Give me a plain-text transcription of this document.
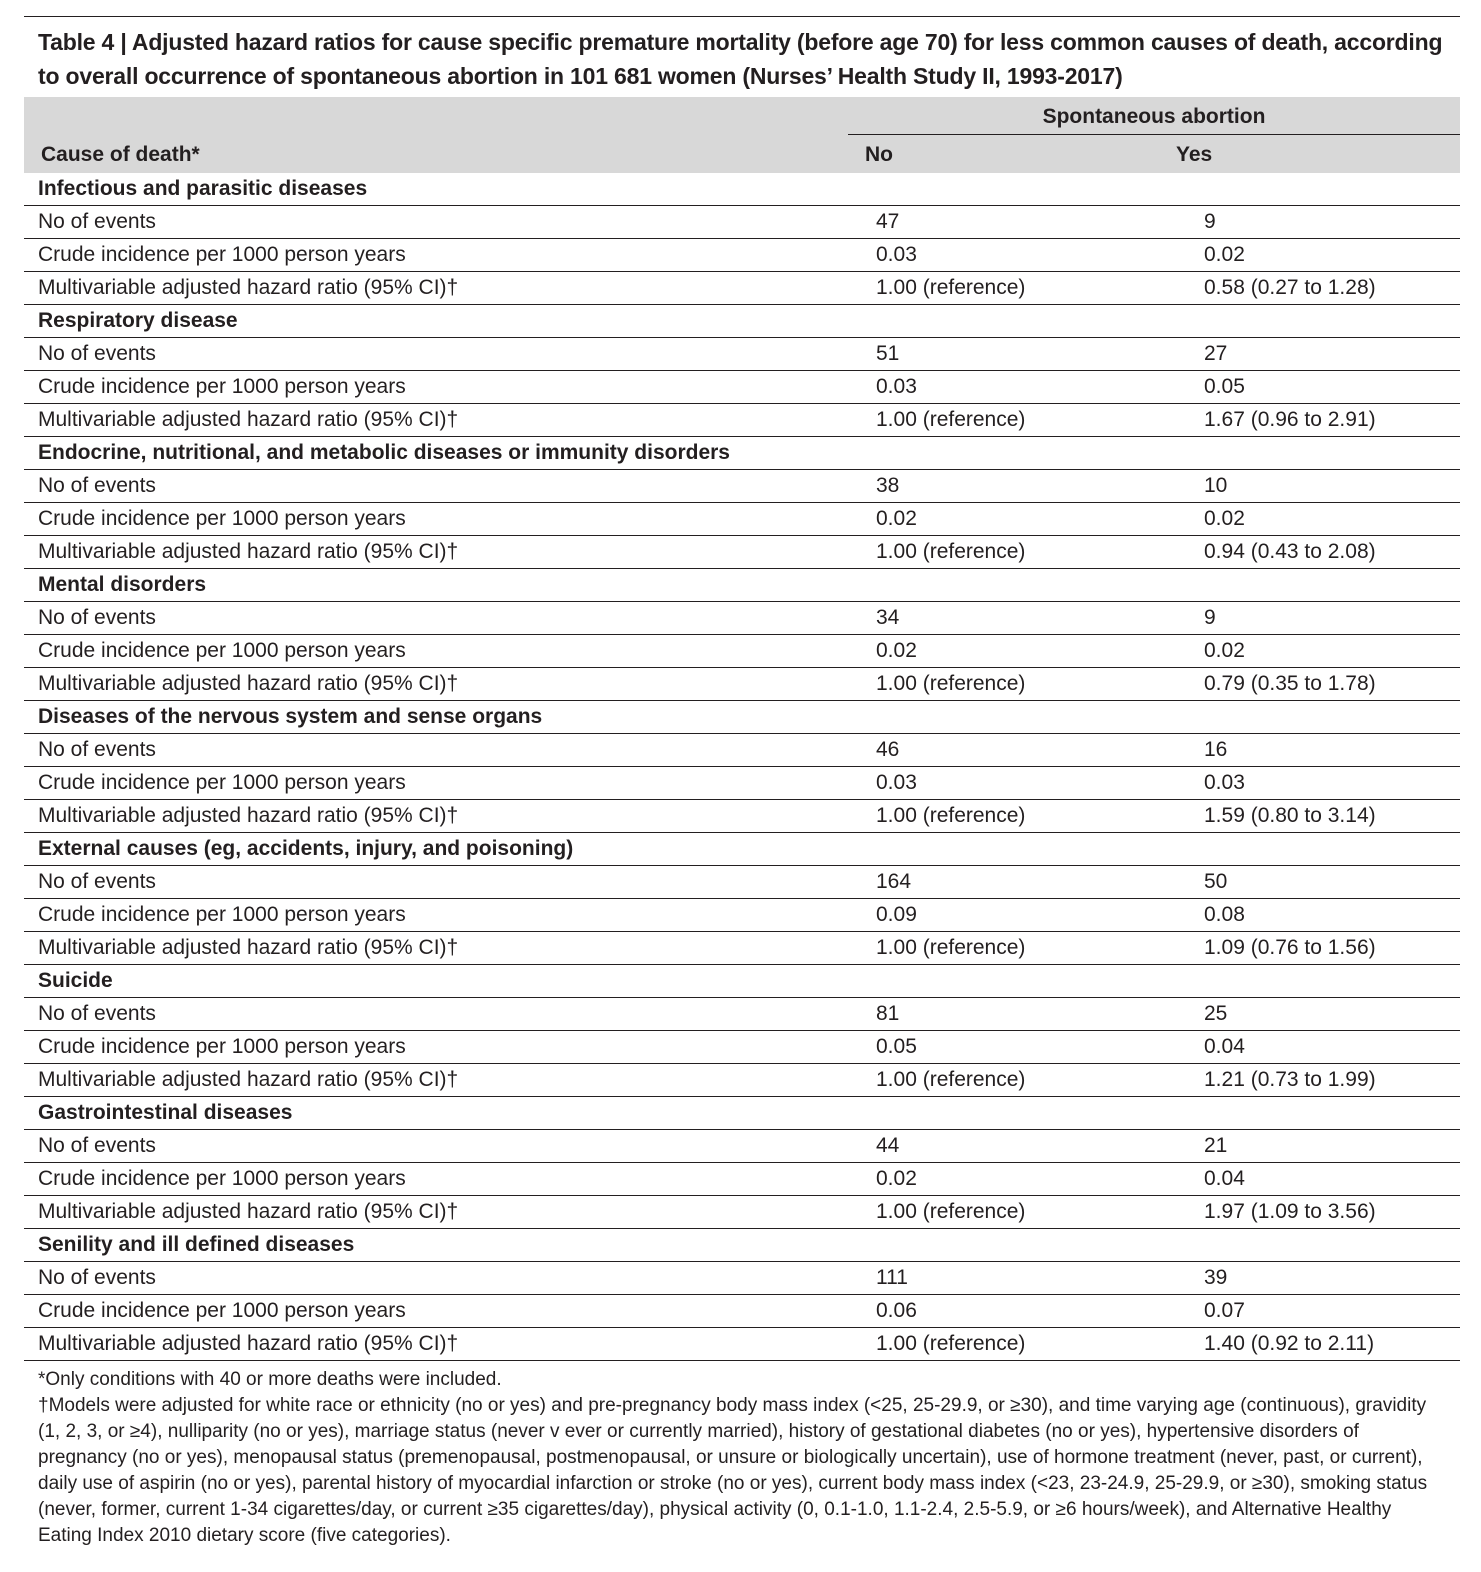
Table 4 | Adjusted hazard ratios for cause specific premature mortality (before age 70) for less common causes of death, according to overall occurrence of spontaneous abortion in 101 681 women (Nurses’ Health Study II, 1993-2017)
Spontaneous abortion
Cause of death*	No	Yes
Infectious and parasitic diseases		
No of events	47	9
Crude incidence per 1000 person years	0.03	0.02
Multivariable adjusted hazard ratio (95% CI)†	1.00 (reference)	0.58 (0.27 to 1.28)
Respiratory disease		
No of events	51	27
Crude incidence per 1000 person years	0.03	0.05
Multivariable adjusted hazard ratio (95% CI)†	1.00 (reference)	1.67 (0.96 to 2.91)
Endocrine, nutritional, and metabolic diseases or immunity disorders		
No of events	38	10
Crude incidence per 1000 person years	0.02	0.02
Multivariable adjusted hazard ratio (95% CI)†	1.00 (reference)	0.94 (0.43 to 2.08)
Mental disorders		
No of events	34	9
Crude incidence per 1000 person years	0.02	0.02
Multivariable adjusted hazard ratio (95% CI)†	1.00 (reference)	0.79 (0.35 to 1.78)
Diseases of the nervous system and sense organs		
No of events	46	16
Crude incidence per 1000 person years	0.03	0.03
Multivariable adjusted hazard ratio (95% CI)†	1.00 (reference)	1.59 (0.80 to 3.14)
External causes (eg, accidents, injury, and poisoning)		
No of events	164	50
Crude incidence per 1000 person years	0.09	0.08
Multivariable adjusted hazard ratio (95% CI)†	1.00 (reference)	1.09 (0.76 to 1.56)
Suicide		
No of events	81	25
Crude incidence per 1000 person years	0.05	0.04
Multivariable adjusted hazard ratio (95% CI)†	1.00 (reference)	1.21 (0.73 to 1.99)
Gastrointestinal diseases		
No of events	44	21
Crude incidence per 1000 person years	0.02	0.04
Multivariable adjusted hazard ratio (95% CI)†	1.00 (reference)	1.97 (1.09 to 3.56)
Senility and ill defined diseases		
No of events	111	39
Crude incidence per 1000 person years	0.06	0.07
Multivariable adjusted hazard ratio (95% CI)†	1.00 (reference)	1.40 (0.92 to 2.11)

*Only conditions with 40 or more deaths were included.

†Models were adjusted for white race or ethnicity (no or yes) and pre-pregnancy body mass index (<25, 25-29.9, or ≥30), and time varying age (continuous), gravidity (1, 2, 3, or ≥4), nulliparity (no or yes), marriage status (never v ever or currently married), history of gestational diabetes (no or yes), hypertensive disorders of pregnancy (no or yes), menopausal status (premenopausal, postmenopausal, or unsure or biologically uncertain), use of hormone treatment (never, past, or current), daily use of aspirin (no or yes), parental history of myocardial infarction or stroke (no or yes), current body mass index (<23, 23-24.9, 25-29.9, or ≥30), smoking status (never, former, current 1-34 cigarettes/day, or current ≥35 cigarettes/day), physical activity (0, 0.1-1.0, 1.1-2.4, 2.5-5.9, or ≥6 hours/week), and Alternative Healthy Eating Index 2010 dietary score (five categories).
